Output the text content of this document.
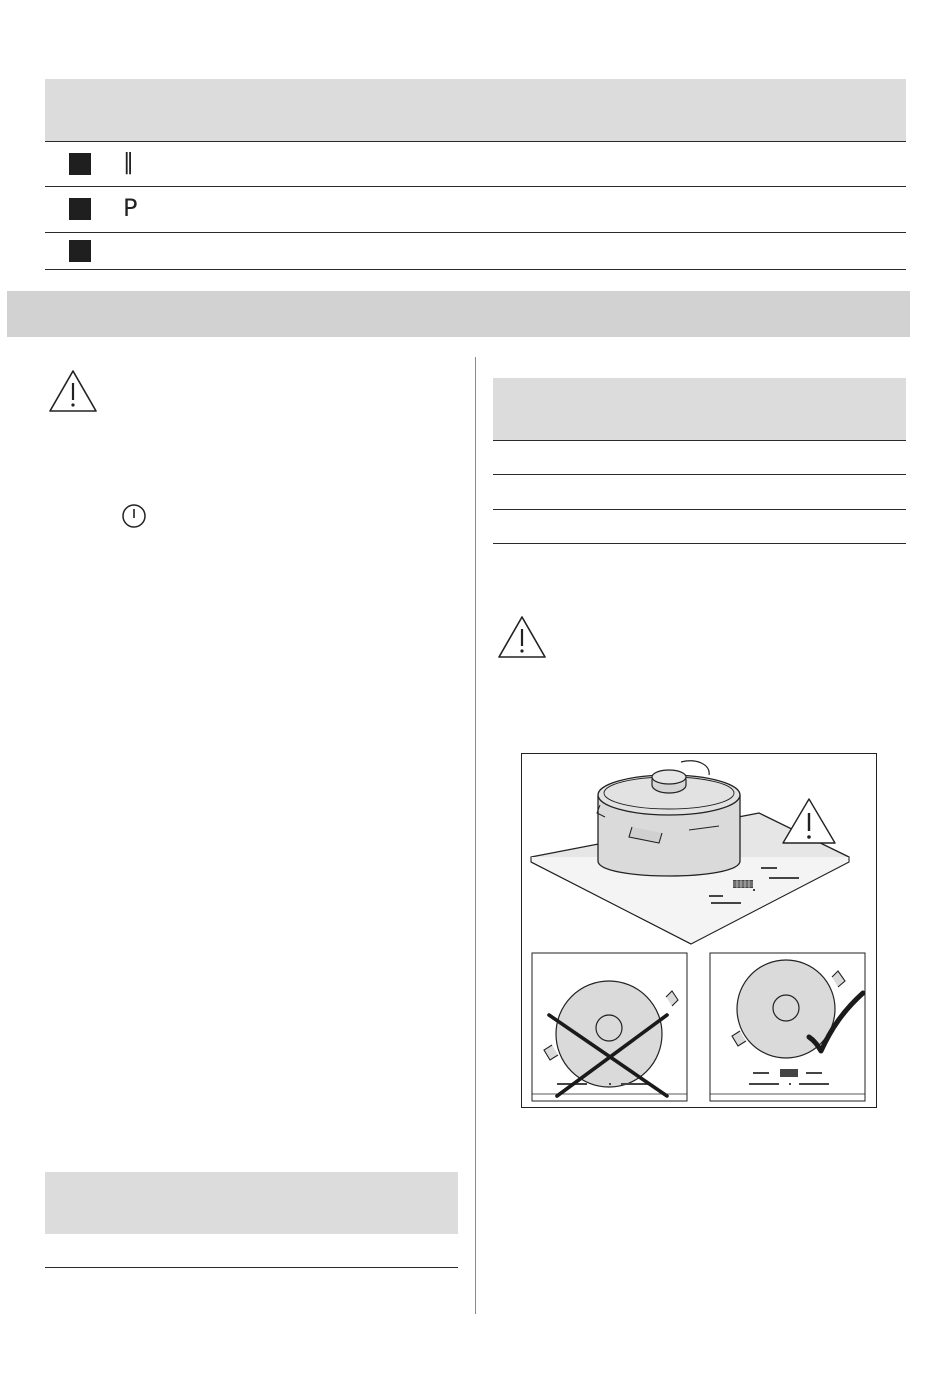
||
P
